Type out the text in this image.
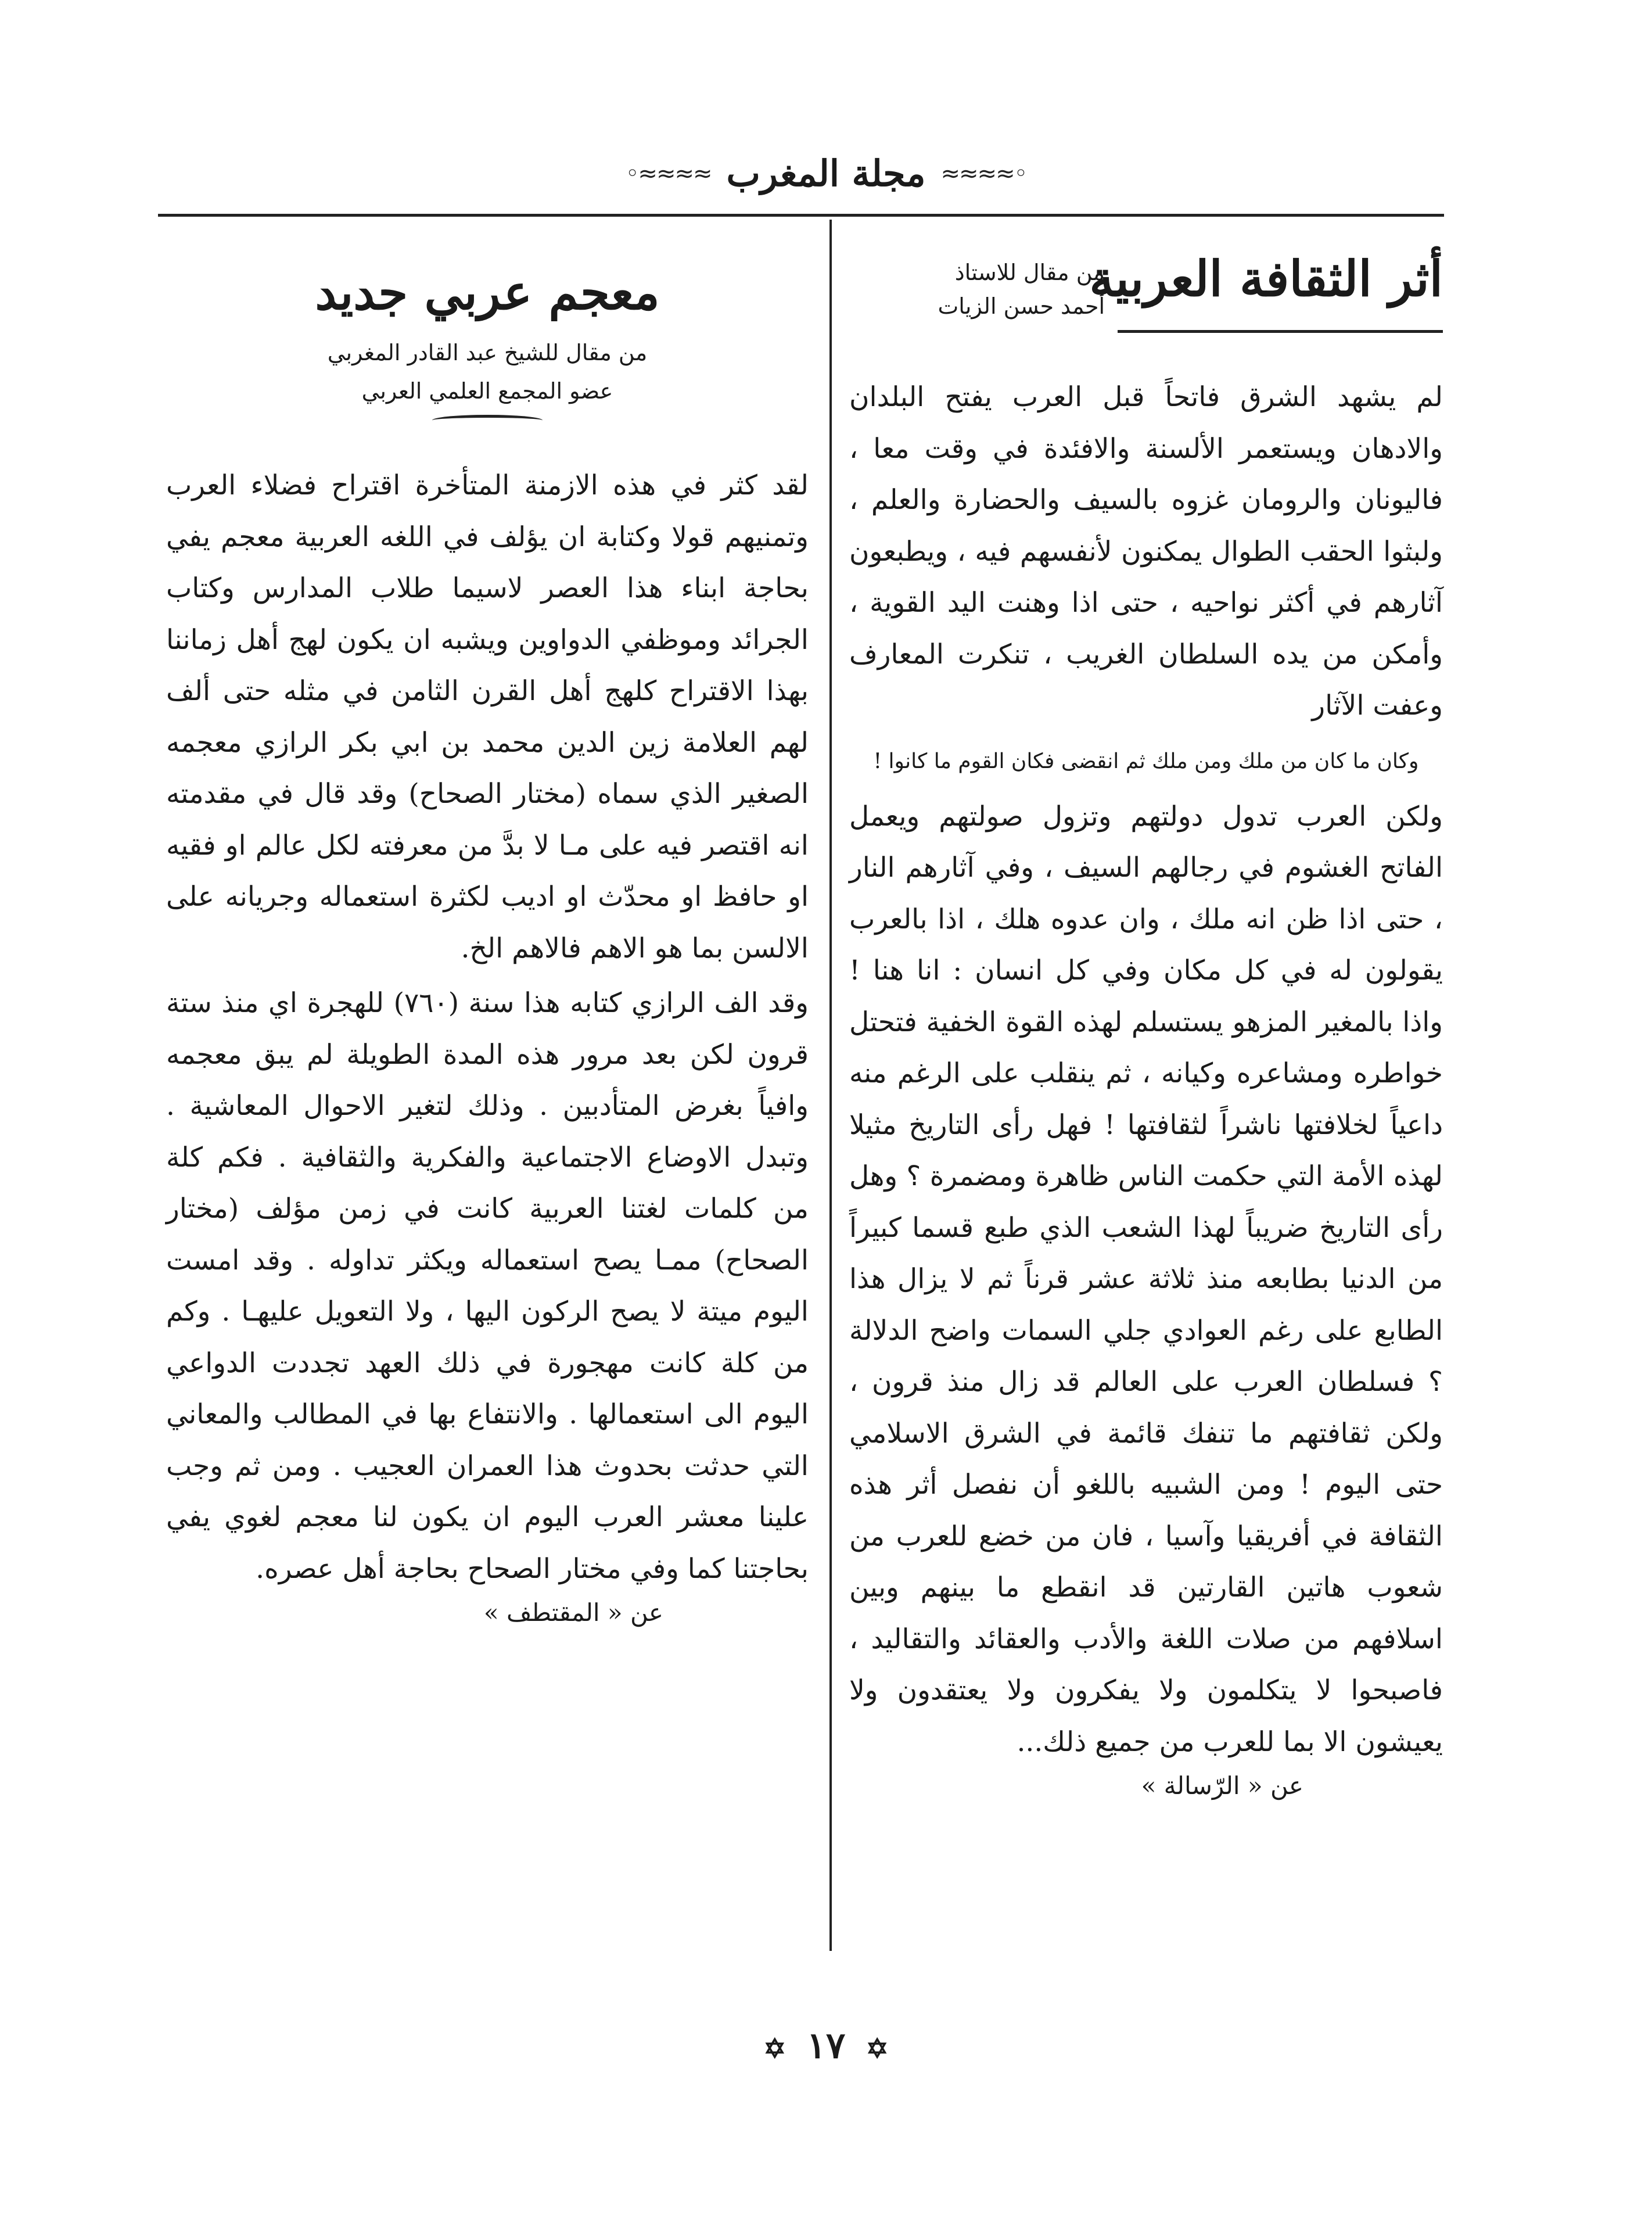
◦≈≈≈≈
مجلة المغرب
≈≈≈≈◦
أثر الثقافة العربية
من مقال للاستاذ
أحمد حسن الزيات

لم يشهد الشرق فاتحاً قبل العرب يفتح البلدان والادهان ويستعمر الألسنة والافئدة في وقت معا ، فاليونان والرومان غزوه بالسيف والحضارة والعلم ، ولبثوا الحقب الطوال يمكنون لأنفسهم فيه ، ويطبعون آثارهم في أكثر نواحيه ، حتى اذا وهنت اليد القوية ، وأمكن من يده السلطان الغريب ، تنكرت المعارف وعفت الآثار

وكان ما كان من ملك ومن ملك ثم انقضى فكان القوم ما كانوا !

ولكن العرب تدول دولتهم وتزول صولتهم ويعمل الفاتح الغشوم في رجالهم السيف ، وفي آثارهم النار ، حتى اذا ظن انه ملك ، وان عدوه هلك ، اذا بالعرب يقولون له في كل مكان وفي كل انسان : انا هنا ! واذا بالمغير المزهو يستسلم لهذه القوة الخفية فتحتل خواطره ومشاعره وكيانه ، ثم ينقلب على الرغم منه داعياً لخلافتها ناشراً لثقافتها ! فهل رأى التاريخ مثيلا لهذه الأمة التي حكمت الناس ظاهرة ومضمرة ؟ وهل رأى التاريخ ضريباً لهذا الشعب الذي طبع قسما كبيراً من الدنيا بطابعه منذ ثلاثة عشر قرناً ثم لا يزال هذا الطابع على رغم العوادي جلي السمات واضح الدلالة ؟ فسلطان العرب على العالم قد زال منذ قرون ، ولكن ثقافتهم ما تنفك قائمة في الشرق الاسلامي حتى اليوم ! ومن الشبيه باللغو أن نفصل أثر هذه الثقافة في أفريقيا وآسيا ، فان من خضع للعرب من شعوب هاتين القارتين قد انقطع ما بينهم وبين اسلافهم من صلات اللغة والأدب والعقائد والتقاليد ، فاصبحوا لا يتكلمون ولا يفكرون ولا يعتقدون ولا يعيشون الا بما للعرب من جميع ذلك...

عن « الرّسالة »
معجم عربي جديد
من مقال للشيخ عبد القادر المغربي
عضو المجمع العلمي العربي

لقد كثر في هذه الازمنة المتأخرة اقتراح فضلاء العرب وتمنيهم قولا وكتابة ان يؤلف في اللغه العربية معجم يفي بحاجة ابناء هذا العصر لاسيما طلاب المدارس وكتاب الجرائد وموظفي الدواوين ويشبه ان يكون لهج أهل زماننا بهذا الاقتراح كلهج أهل القرن الثامن في مثله حتى ألف لهم العلامة زين الدين محمد بن ابي بكر الرازي معجمه الصغير الذي سماه (مختار الصحاح) وقد قال في مقدمته انه اقتصر فيه على مـا لا بدَّ من معرفته لكل عالم او فقيه او حافظ او محدّث او اديب لكثرة استعماله وجريانه على الالسن بما هو الاهم فالاهم الخ.

وقد الف الرازي كتابه هذا سنة (٧٦٠) للهجرة اي منذ ستة قرون لكن بعد مرور هذه المدة الطويلة لم يبق معجمه وافياً بغرض المتأدبين . وذلك لتغير الاحوال المعاشية . وتبدل الاوضاع الاجتماعية والفكرية والثقافية . فكم كلة من كلمات لغتنا العربية كانت في زمن مؤلف (مختار الصحاح) ممـا يصح استعماله ويكثر تداوله . وقد امست اليوم ميتة لا يصح الركون اليها ، ولا التعويل عليهـا . وكم من كلة كانت مهجورة في ذلك العهد تجددت الدواعي اليوم الى استعمالها . والانتفاع بها في المطالب والمعاني التي حدثت بحدوث هذا العمران العجيب . ومن ثم وجب علينا معشر العرب اليوم ان يكون لنا معجم لغوي يفي بحاجتنا كما وفي مختار الصحاح بحاجة أهل عصره.

عن « المقتطف »
✡ ١٧ ✡
